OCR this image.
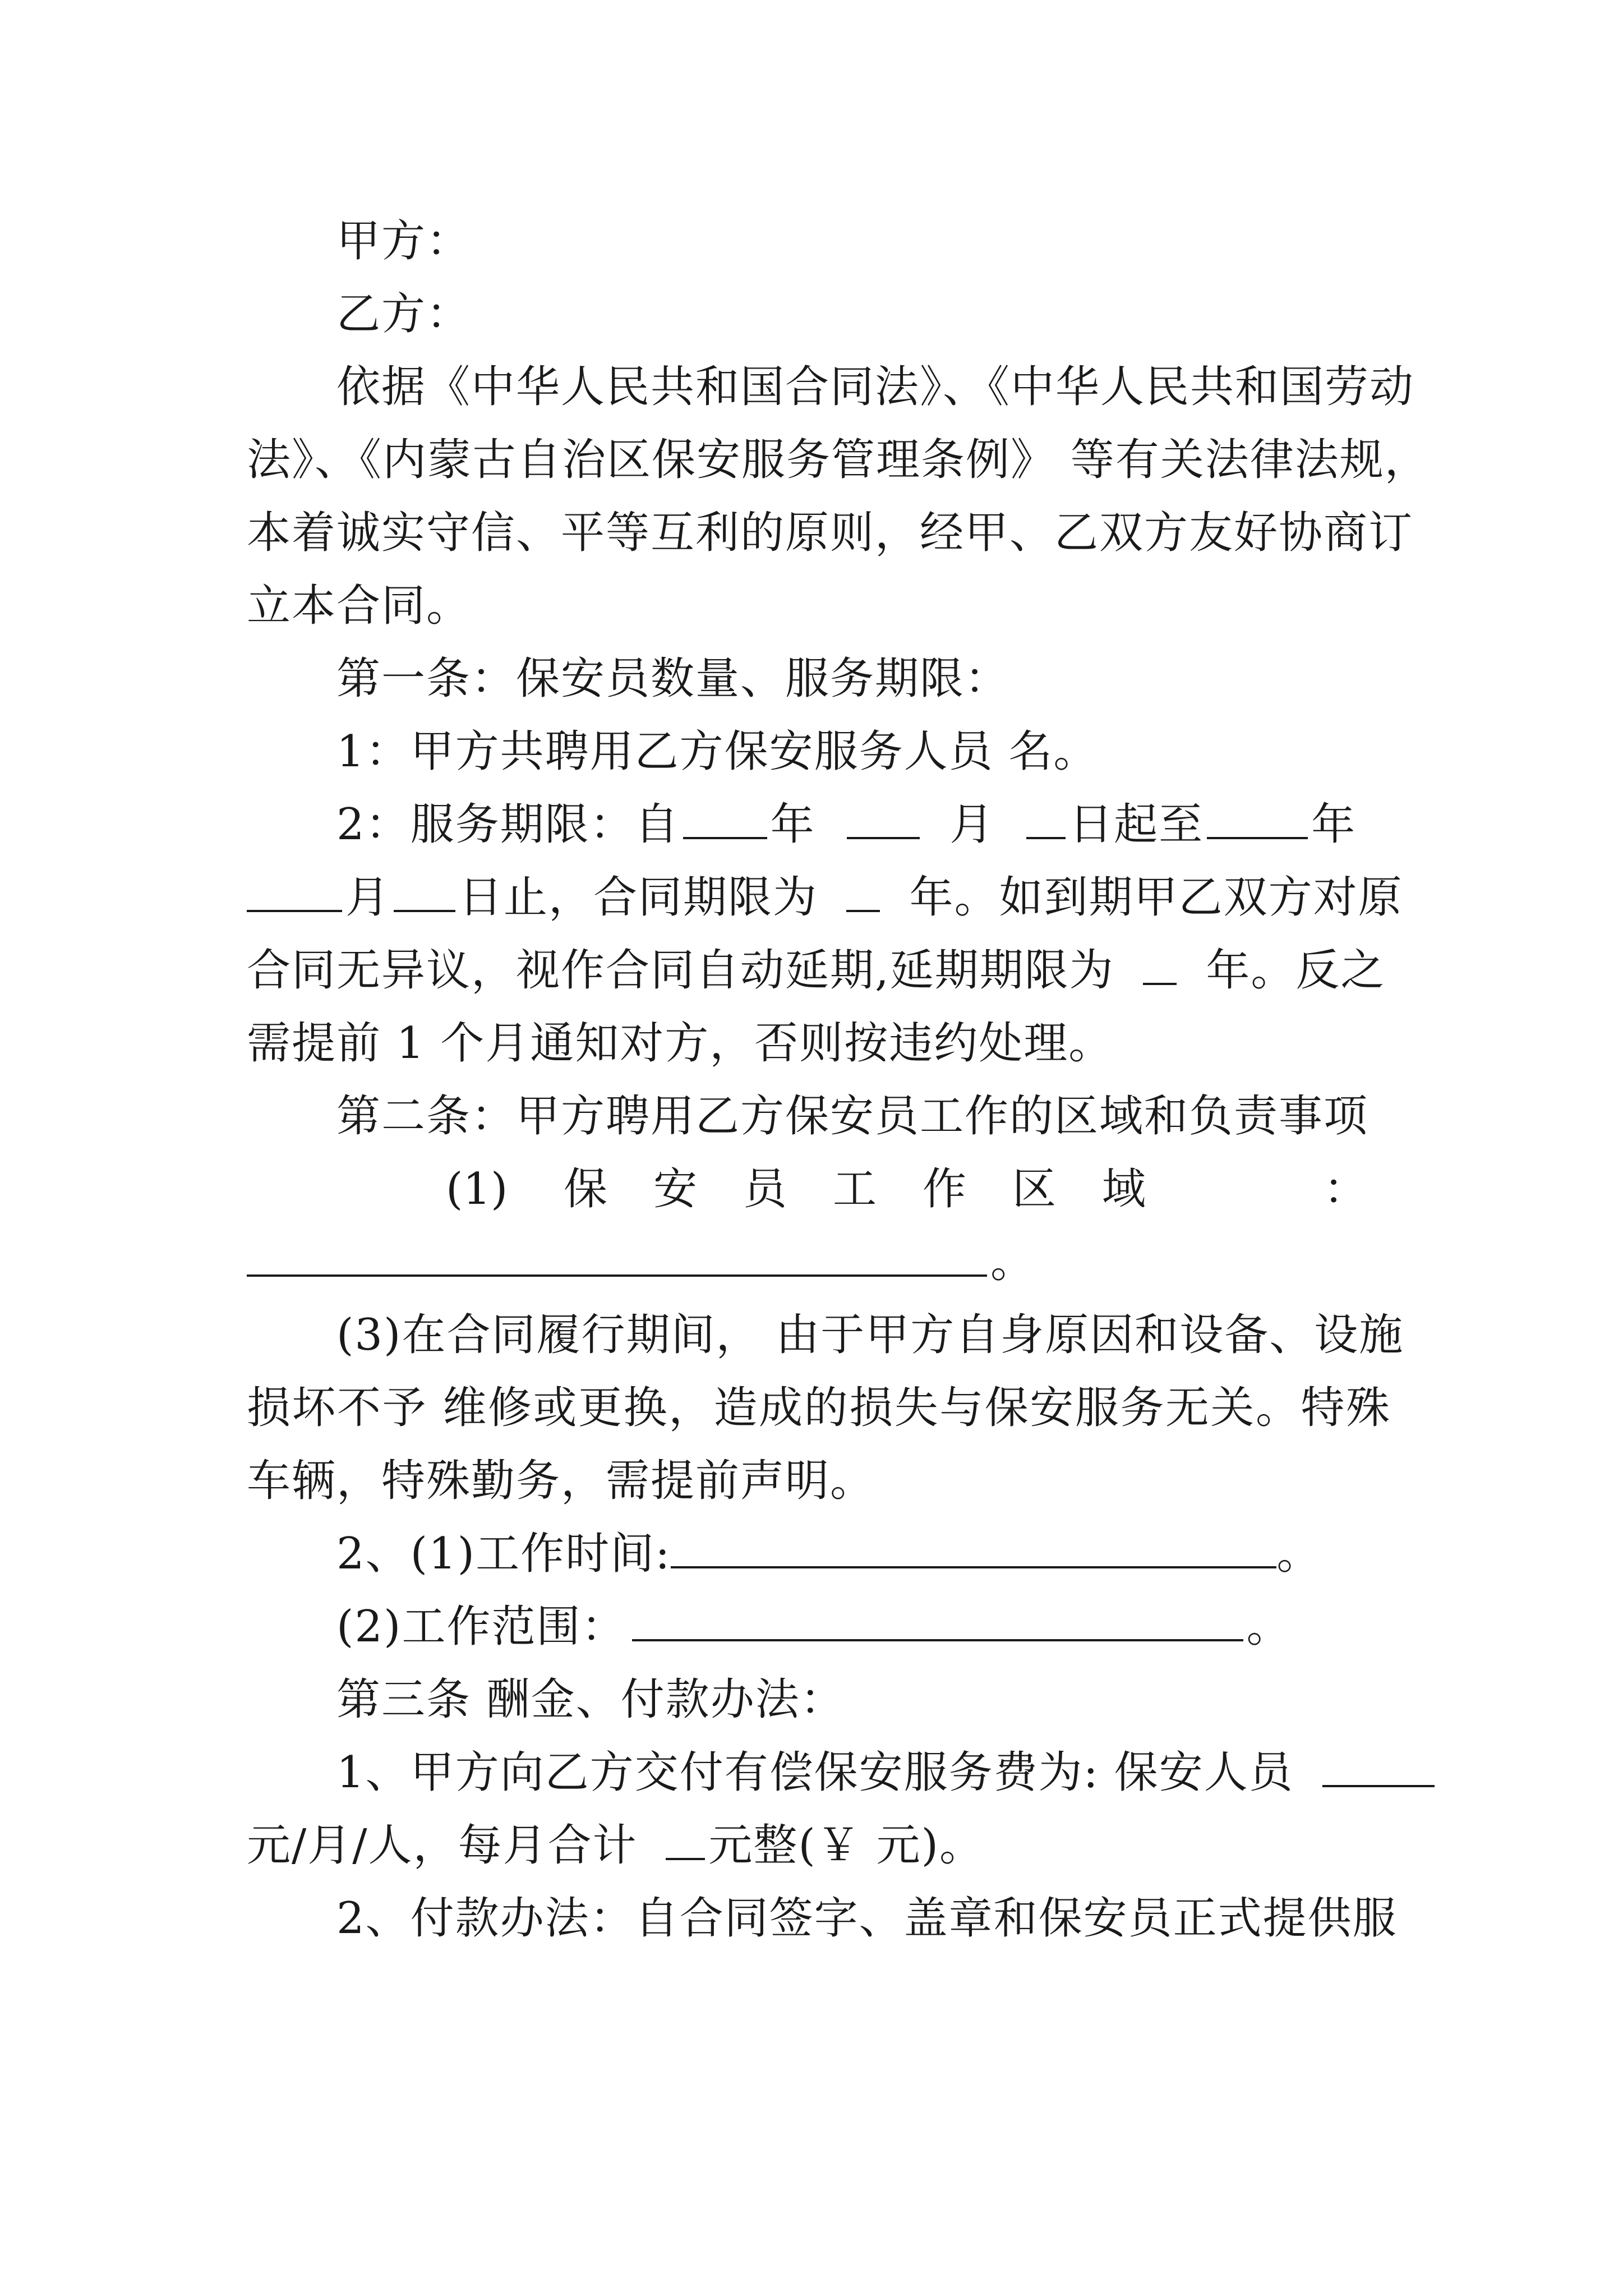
甲方：
乙方：
依据《中华人民共和国合同法》、《中华人民共和国劳动
法》、《内蒙古自治区保安服务管理条例》 等有关法律法规，
本着诚实守信、平等互利的原则，经甲、乙双方友好协商订
立本合同。
第一条：保安员数量、服务期限：
1：甲方共聘用乙方保安服务人员 名。
2：服务期限：自 年	月 日起至 年
月 日止，合同期限为 年。如到期甲乙双方对原
合同无异议，视作合同自动延期,延期期限为 年。反之
需提前 1 个月通知对方，否则按违约处理。
第二条：甲方聘用乙方保安员工作的区域和负责事项
(1) 保 安 员 工 作 区 域	：
。
(3)在合同履行期间， 由于甲方自身原因和设备、设施
损坏不予 维修或更换，造成的损失与保安服务无关。特殊
车辆，特殊勤务，需提前声明。
2、(1)工作时间:	。
(2)工作范围：	。
第三条 酬金、付款办法：
1、甲方向乙方交付有偿保安服务费为: 保安人员
元/月/人，每月合计 元整(￥ 元)。
2、付款办法：自合同签字、盖章和保安员正式提供服
